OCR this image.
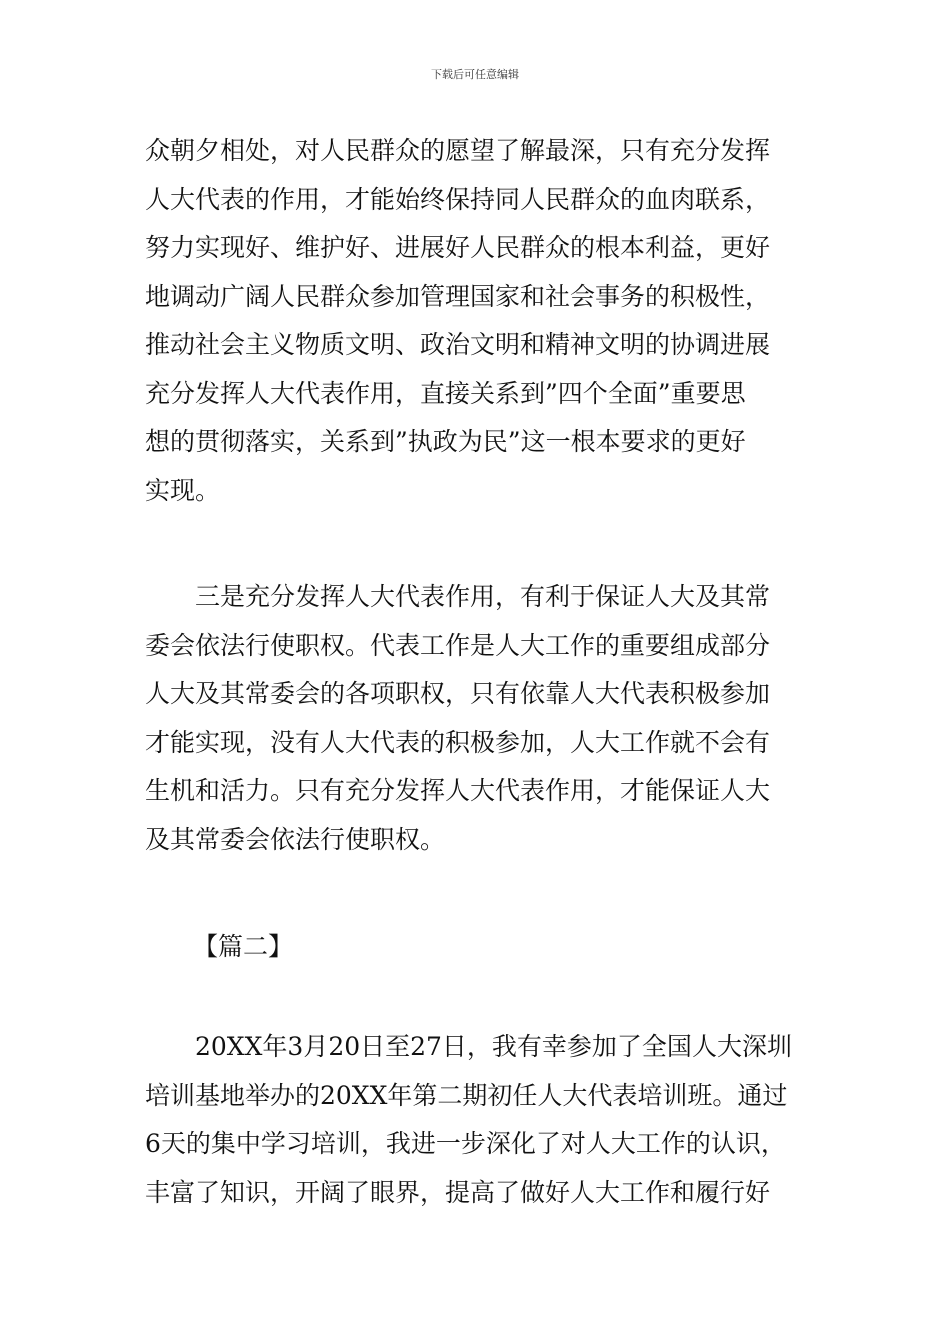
下载后可任意编辑
众朝夕相处，对人民群众的愿望了解最深，只有充分发挥
人大代表的作用，才能始终保持同人民群众的血肉联系，
努力实现好、维护好、进展好人民群众的根本利益，更好
地调动广阔人民群众参加管理国家和社会事务的积极性，
推动社会主义物质文明、政治文明和精神文明的协调进展
充分发挥人大代表作用，直接关系到”四个全面”重要思
想的贯彻落实，关系到”执政为民”这一根本要求的更好
实现。
　　三是充分发挥人大代表作用，有利于保证人大及其常
委会依法行使职权。代表工作是人大工作的重要组成部分
人大及其常委会的各项职权，只有依靠人大代表积极参加
才能实现，没有人大代表的积极参加，人大工作就不会有
生机和活力。只有充分发挥人大代表作用，才能保证人大
及其常委会依法行使职权。
【篇二】
　　20XX年3月20日至27日，我有幸参加了全国人大深圳
培训基地举办的20XX年第二期初任人大代表培训班。通过
6天的集中学习培训，我进一步深化了对人大工作的认识，
丰富了知识，开阔了眼界，提高了做好人大工作和履行好
